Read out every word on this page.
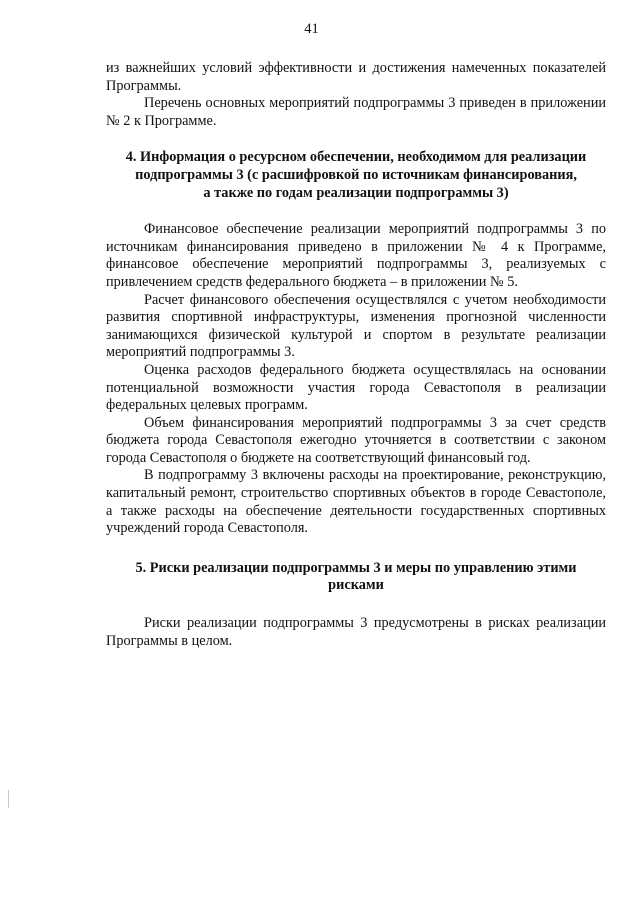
41

из важнейших условий эффективности и достижения намеченных показателей Программы.

Перечень основных мероприятий подпрограммы 3 приведен в приложении № 2 к Программе.

4. Информация о ресурсном обеспечении, необходимом для реализации подпрограммы 3 (с расшифровкой по источникам финансирования,
а также по годам реализации подпрограммы 3)

Финансовое обеспечение реализации мероприятий подпрограммы 3 по источникам финансирования приведено в приложении № 4 к Программе, финансовое обеспечение мероприятий подпрограммы 3, реализуемых с привлечением средств федерального бюджета – в приложении № 5.

Расчет финансового обеспечения осуществлялся с учетом необходимости развития спортивной инфраструктуры, изменения прогнозной численности занимающихся физической культурой и спортом в результате реализации мероприятий подпрограммы 3.

Оценка расходов федерального бюджета осуществлялась на основании потенциальной возможности участия города Севастополя в реализации федеральных целевых программ.

Объем финансирования мероприятий подпрограммы 3 за счет средств бюджета города Севастополя ежегодно уточняется в соответствии с законом города Севастополя о бюджете на соответствующий финансовый год.

В подпрограмму 3 включены расходы на проектирование, реконструкцию, капитальный ремонт, строительство спортивных объектов в городе Севастополе, а также расходы на обеспечение деятельности государственных спортивных учреждений города Севастополя.

5. Риски реализации подпрограммы 3 и меры по управлению этими
рисками

Риски реализации подпрограммы 3 предусмотрены в рисках реализации Программы в целом.
